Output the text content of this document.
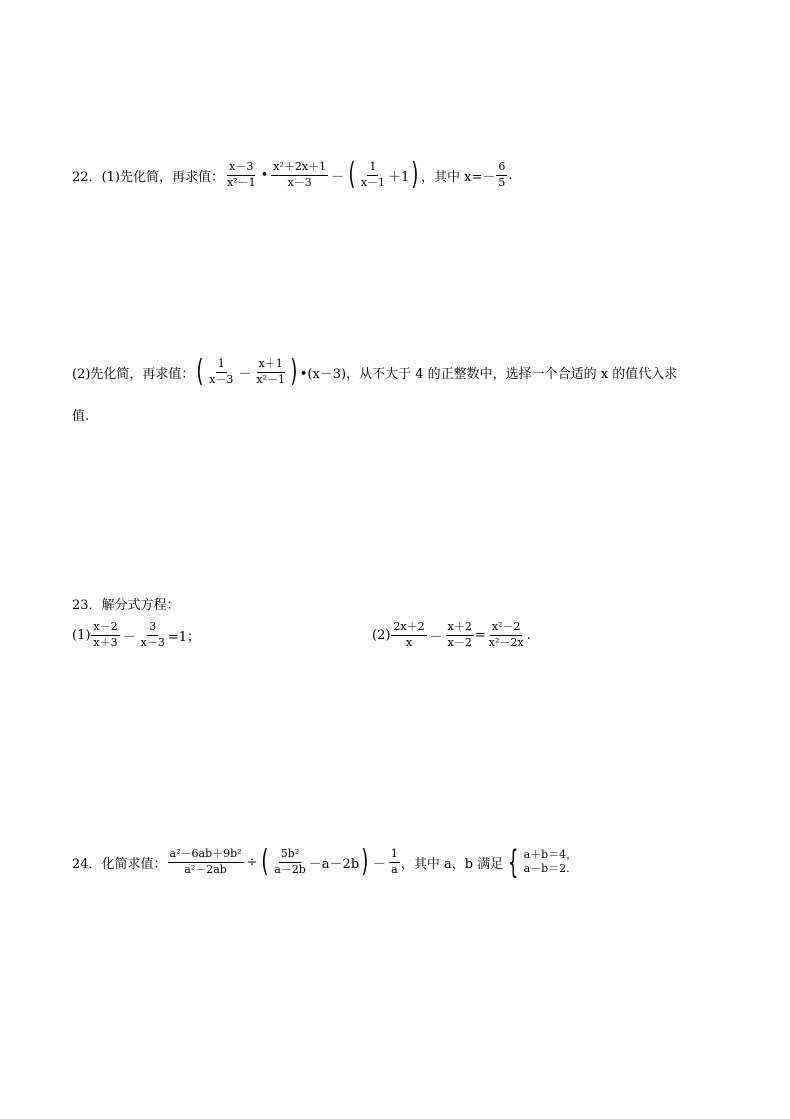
22．(1)先化简，再求值： $\frac{x-3}{\text{x²－1}}$ • $\frac{\text{x²＋2x＋1}}{x-3}$ － ( $\frac{1}{x-1} +1$ ) ，其中 $x=- \frac{6}{5}$ .
(2)先化简，再求值： ( $\frac{1}{x-3} - \frac{x+1}{\text{x²－1}}$ ) •(x－3) ，从不大于 4 的正整数中，选择一个合适的 x 的值代入求
值.
23．解分式方程：
$(1) \frac{x-2}{x+3} - \frac{3}{x-3} =1$；	$(2) \frac{2x+2}{x} - \frac{x+2}{x-2} = \frac{\text{x²－2}}{\text{x²－2x}}$ .
24．化简求值： $\frac{\text{a²－6ab＋9b²}}{\text{a²－2ab}}$ ÷ ( $\frac{\text{5b²}}{a-2b} -a-2b$ ) － $\frac{1}{a}$ ，其中 a，b 满足 { a＋b＝4，
a－b＝2.
